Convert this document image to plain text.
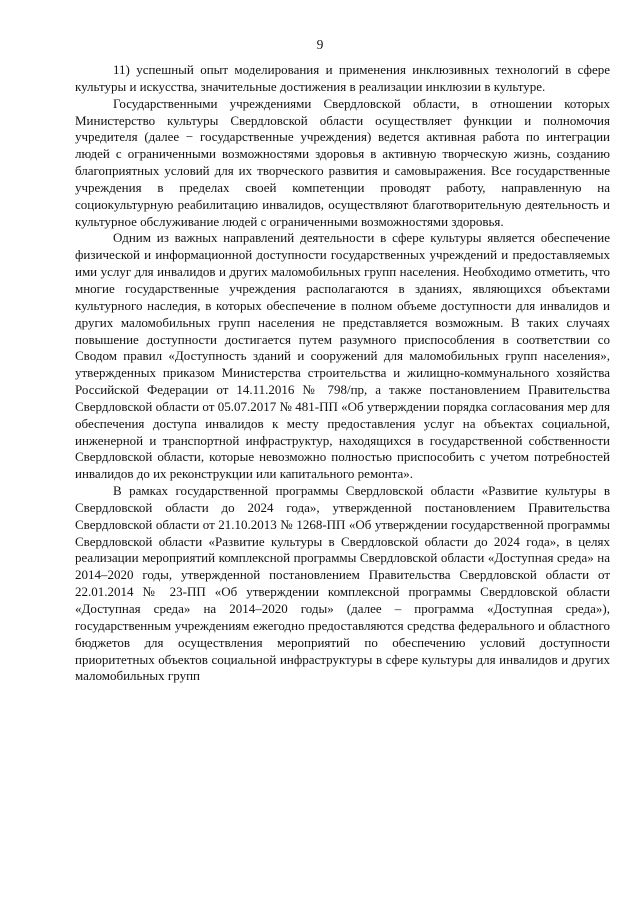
9

11) успешный опыт моделирования и применения инклюзивных технологий в сфере культуры и искусства, значительные достижения в реализации инклюзии в культуре.

Государственными учреждениями Свердловской области, в отношении которых Министерство культуры Свердловской области осуществляет функции и полномочия учредителя (далее − государственные учреждения) ведется активная работа по интеграции людей с ограниченными возможностями здоровья в активную творческую жизнь, созданию благоприятных условий для их творческого развития и самовыражения. Все государственные учреждения в пределах своей компетенции проводят работу, направленную на социокультурную реабилитацию инвалидов, осуществляют благотворительную деятельность и культурное обслуживание людей с ограниченными возможностями здоровья.

Одним из важных направлений деятельности в сфере культуры является обеспечение физической и информационной доступности государственных учреждений и предоставляемых ими услуг для инвалидов и других маломобильных групп населения. Необходимо отметить, что многие государственные учреждения располагаются в зданиях, являющихся объектами культурного наследия, в которых обеспечение в полном объеме доступности для инвалидов и других маломобильных групп населения не представляется возможным. В таких случаях повышение доступности достигается путем разумного приспособления в соответствии со Сводом правил «Доступность зданий и сооружений для маломобильных групп населения», утвержденных приказом Министерства строительства и жилищно-коммунального хозяйства Российской Федерации от 14.11.2016 № 798/пр, а также постановлением Правительства Свердловской области от 05.07.2017 № 481-ПП «Об утверждении порядка согласования мер для обеспечения доступа инвалидов к месту предоставления услуг на объектах социальной, инженерной и транспортной инфраструктур, находящихся в государственной собственности Свердловской области, которые невозможно полностью приспособить с учетом потребностей инвалидов до их реконструкции или капитального ремонта».

В рамках государственной программы Свердловской области «Развитие культуры в Свердловской области до 2024 года», утвержденной постановлением Правительства Свердловской области от 21.10.2013 № 1268-ПП «Об утверждении государственной программы Свердловской области «Развитие культуры в Свердловской области до 2024 года», в целях реализации мероприятий комплексной программы Свердловской области «Доступная среда» на 2014–2020 годы, утвержденной постановлением Правительства Свердловской области от 22.01.2014 № 23-ПП «Об утверждении комплексной программы Свердловской области «Доступная среда» на 2014–2020 годы» (далее – программа «Доступная среда»), государственным учреждениям ежегодно предоставляются средства федерального и областного бюджетов для осуществления мероприятий по обеспечению условий доступности приоритетных объектов социальной инфраструктуры в сфере культуры для инвалидов и других маломобильных групп
